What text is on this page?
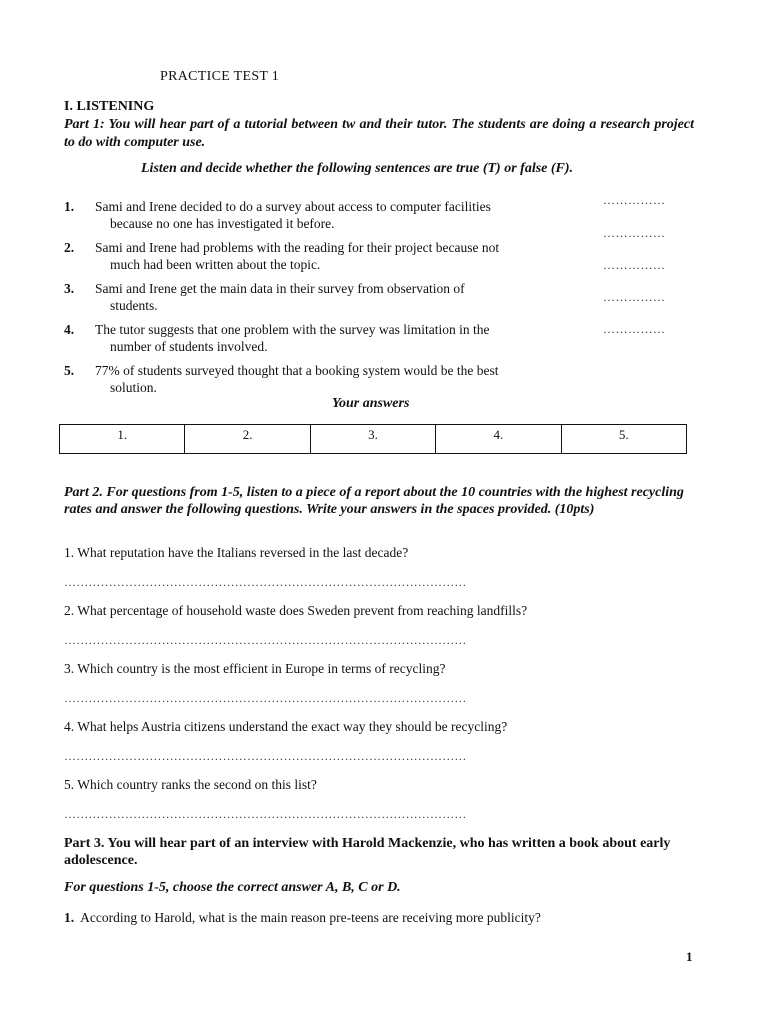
PRACTICE TEST 1
I. LISTENING
Part 1: You will hear part of a tutorial between tw and their tutor. The students are doing a research project to do with computer use.
Listen and decide whether the following sentences are true (T) or false (F).
1. Sami and Irene decided to do a survey about access to computer facilities
because no one has investigated it before.
2. Sami and Irene had problems with the reading for their project because not
much had been written about the topic.
3. Sami and Irene get the main data in their survey from observation of
students.
4. The tutor suggests that one problem with the survey was limitation in the
number of students involved.
5. 77% of students surveyed thought that a booking system would be the best
solution.
……………
……………
……………
……………
……………
Your answers
1.	2.	3.	4.	5.
Part 2. For questions from 1-5, listen to a piece of a report about the 10 countries with the highest recycling rates and answer the following questions. Write your answers in the spaces provided. (10pts)
1. What reputation have the Italians reversed in the last decade?
………………………………………………………………………………………
2. What percentage of household waste does Sweden prevent from reaching landfills?
………………………………………………………………………………………
3. Which country is the most efficient in Europe in terms of recycling?
………………………………………………………………………………………
4. What helps Austria citizens understand the exact way they should be recycling?
………………………………………………………………………………………
5. Which country ranks the second on this list?
………………………………………………………………………………………
Part 3. You will hear part of an interview with Harold Mackenzie, who has written a book about early adolescence.
For questions 1-5, choose the correct answer A, B, C or D.
1. According to Harold, what is the main reason pre-teens are receiving more publicity?
1
